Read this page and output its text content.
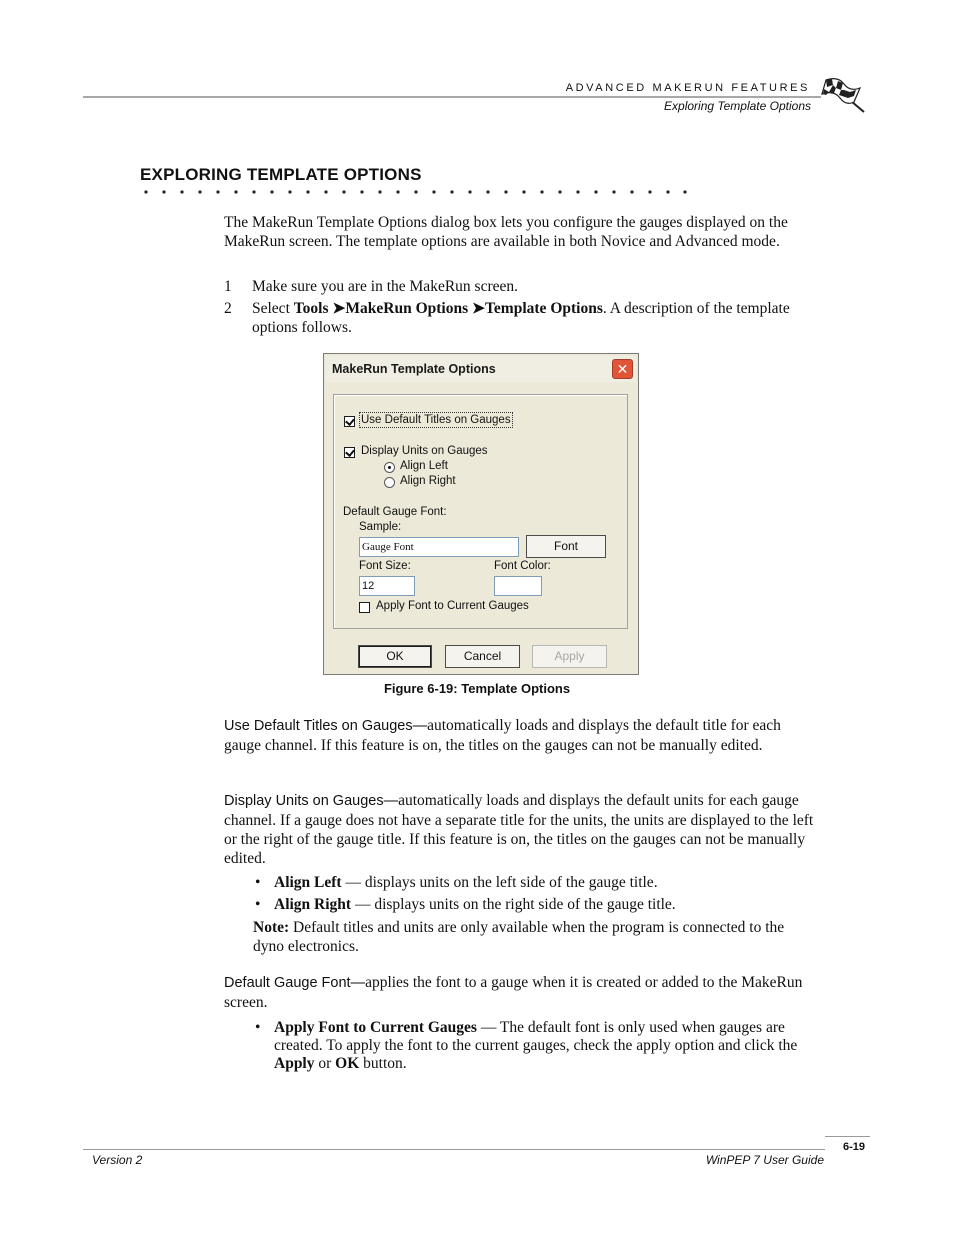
ADVANCED MAKERUN FEATURES
Exploring Template Options
EXPLORING TEMPLATE OPTIONS

The MakeRun Template Options dialog box lets you configure the gauges displayed on the MakeRun screen. The template options are available in both Novice and Advanced mode.

1 Make sure you are in the MakeRun screen.
2 Select Tools ➤MakeRun Options ➤Template Options. A description of the template options follows.
MakeRun Template Options	✕
Use Default Titles on Gauges
Display Units on Gauges
Align Left
Align Right
Default Gauge Font:
Sample:
Gauge Font	Font
Font Size:
12
Font Color:
Apply Font to Current Gauges
OK	Cancel	Apply
Figure 6-19: Template Options

Use Default Titles on Gauges—automatically loads and displays the default title for each gauge channel. If this feature is on, the titles on the gauges can not be manually edited.

Display Units on Gauges—automatically loads and displays the default units for each gauge channel. If a gauge does not have a separate title for the units, the units are displayed to the left or the right of the gauge title. If this feature is on, the titles on the gauges can not be manually edited.

• Align Left — displays units on the left side of the gauge title.
• Align Right — displays units on the right side of the gauge title.

Note: Default titles and units are only available when the program is connected to the dyno electronics.

Default Gauge Font—applies the font to a gauge when it is created or added to the MakeRun screen.

• Apply Font to Current Gauges — The default font is only used when gauges are created. To apply the font to the current gauges, check the apply option and click the Apply or OK button.
6-19
Version 2	WinPEP 7 User Guide
